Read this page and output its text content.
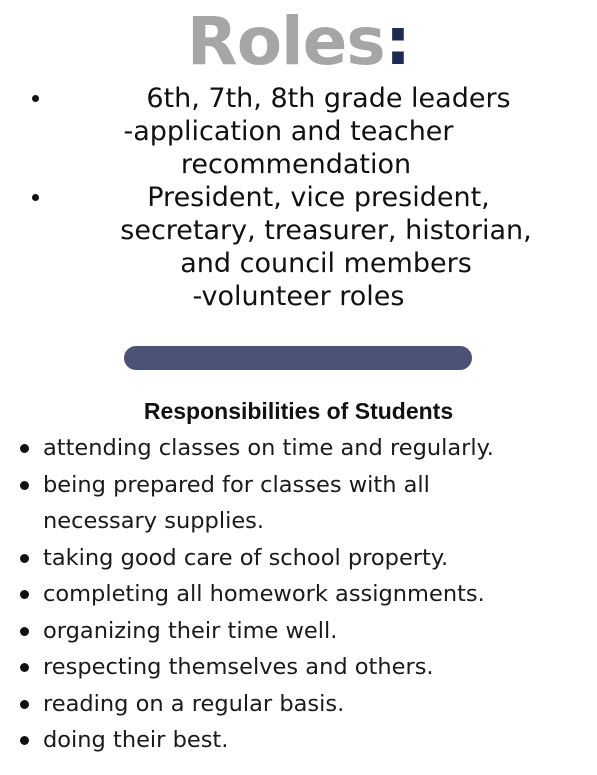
Roles:
6th, 7th, 8th grade leaders
-application and teacher
recommendation
President, vice president,
secretary, treasurer, historian,
and council members
-volunteer roles
Responsibilities of Students
attending classes on time and regularly.
being prepared for classes with all
necessary supplies.
taking good care of school property.
completing all homework assignments.
organizing their time well.
respecting themselves and others.
reading on a regular basis.
doing their best.
